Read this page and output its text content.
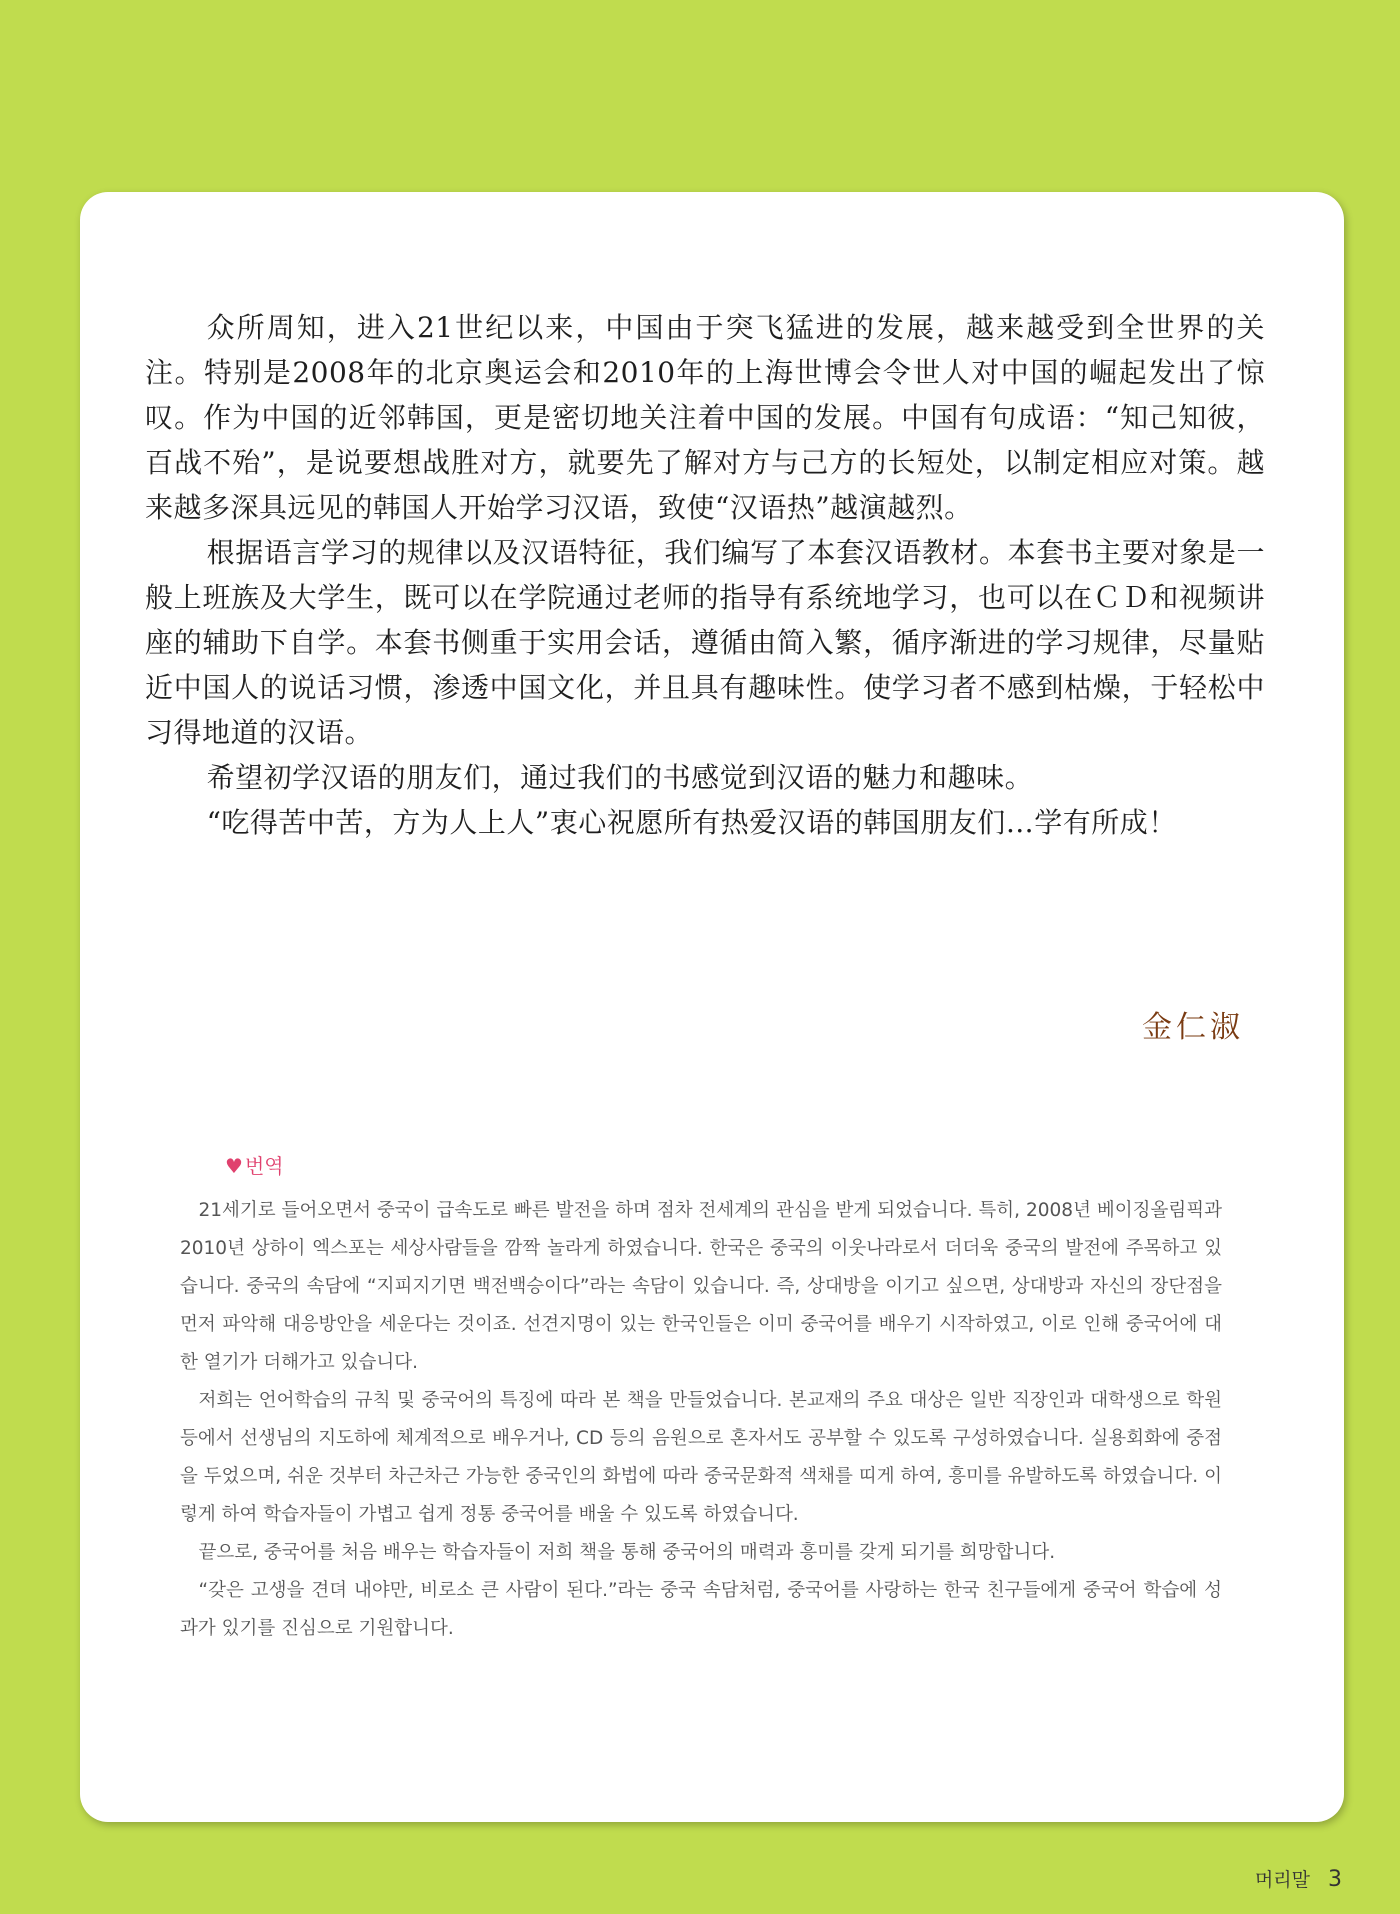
众所周知，进入21世纪以来，中国由于突飞猛进的发展，越来越受到全世界的关注。特别是2008年的北京奥运会和2010年的上海世博会令世人对中国的崛起发出了惊叹。作为中国的近邻韩国，更是密切地关注着中国的发展。中国有句成语：“知己知彼，百战不殆”，是说要想战胜对方，就要先了解对方与己方的长短处，以制定相应对策。越来越多深具远见的韩国人开始学习汉语，致使“汉语热”越演越烈。

根据语言学习的规律以及汉语特征，我们编写了本套汉语教材。本套书主要对象是一般上班族及大学生，既可以在学院通过老师的指导有系统地学习，也可以在ＣＤ和视频讲座的辅助下自学。本套书侧重于实用会话，遵循由简入繁，循序渐进的学习规律，尽量贴近中国人的说话习惯，渗透中国文化，并且具有趣味性。使学习者不感到枯燥，于轻松中习得地道的汉语。

希望初学汉语的朋友们，通过我们的书感觉到汉语的魅力和趣味。

“吃得苦中苦，方为人上人”衷心祝愿所有热爱汉语的韩国朋友们…学有所成！

金仁淑
♥ 번역

21세기로 들어오면서 중국이 급속도로 빠른 발전을 하며 점차 전세계의 관심을 받게 되었습니다. 특히, 2008년 베이징올림픽과 2010년 상하이 엑스포는 세상사람들을 깜짝 놀라게 하였습니다. 한국은 중국의 이웃나라로서 더더욱 중국의 발전에 주목하고 있습니다. 중국의 속담에 “지피지기면 백전백승이다”라는 속담이 있습니다. 즉, 상대방을 이기고 싶으면, 상대방과 자신의 장단점을 먼저 파악해 대응방안을 세운다는 것이죠. 선견지명이 있는 한국인들은 이미 중국어를 배우기 시작하였고, 이로 인해 중국어에 대한 열기가 더해가고 있습니다.

저희는 언어학습의 규칙 및 중국어의 특징에 따라 본 책을 만들었습니다. 본교재의 주요 대상은 일반 직장인과 대학생으로 학원 등에서 선생님의 지도하에 체계적으로 배우거나, CD 등의 음원으로 혼자서도 공부할 수 있도록 구성하였습니다. 실용회화에 중점을 두었으며, 쉬운 것부터 차근차근 가능한 중국인의 화법에 따라 중국문화적 색채를 띠게 하여, 흥미를 유발하도록 하였습니다. 이렇게 하여 학습자들이 가볍고 쉽게 정통 중국어를 배울 수 있도록 하였습니다.

끝으로, 중국어를 처음 배우는 학습자들이 저희 책을 통해 중국어의 매력과 흥미를 갖게 되기를 희망합니다.

“갖은 고생을 견뎌 내야만, 비로소 큰 사람이 된다.”라는 중국 속담처럼, 중국어를 사랑하는 한국 친구들에게 중국어 학습에 성과가 있기를 진심으로 기원합니다.

머리말 3
